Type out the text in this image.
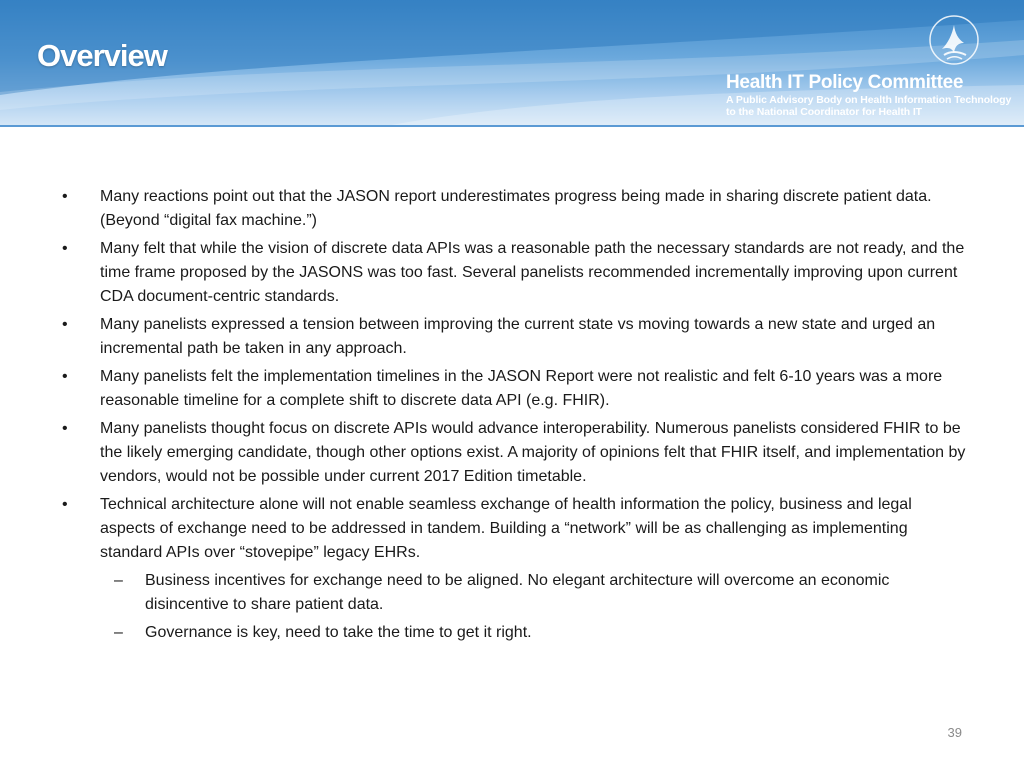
Overview
Health IT Policy Committee
A Public Advisory Body on Health Information Technology
to the National Coordinator for Health IT
• Many reactions point out that the JASON report underestimates progress being made in sharing discrete patient data. (Beyond “digital fax machine.”)
• Many felt that while the vision of discrete data APIs was a reasonable path the necessary standards are not ready, and the time frame proposed by the JASONS was too fast. Several panelists recommended incrementally improving upon current CDA document-centric standards.
• Many panelists expressed a tension between improving the current state vs moving towards a new state and urged an incremental path be taken in any approach.
• Many panelists felt the implementation timelines in the JASON Report were not realistic and felt 6-10 years was a more reasonable timeline for a complete shift to discrete data API (e.g. FHIR).
• Many panelists thought focus on discrete APIs would advance interoperability. Numerous panelists considered FHIR to be the likely emerging candidate, though other options exist. A majority of opinions felt that FHIR itself, and implementation by vendors, would not be possible under current 2017 Edition timetable.
• Technical architecture alone will not enable seamless exchange of health information the policy, business and legal aspects of exchange need to be addressed in tandem. Building a “network” will be as challenging as implementing standard APIs over “stovepipe” legacy EHRs.
– Business incentives for exchange need to be aligned. No elegant architecture will overcome an economic disincentive to share patient data.
– Governance is key, need to take the time to get it right.
39
